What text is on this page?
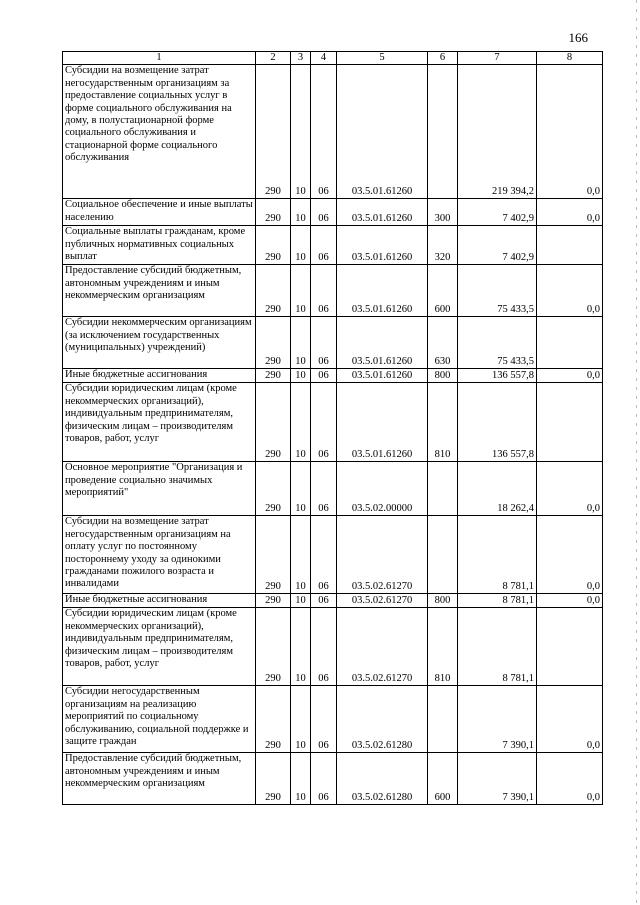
166
1	2	3	4	5	6	7	8
Субсидии на возмещение затрат негосударственным организациям за предоставление социальных услуг в форме социального обслуживания на дому, в полустационарной форме социального обслуживания и стационарной форме социального обслуживания	290	10	06	03.5.01.61260		219 394,2	0,0
Социальное обеспечение и иные выплаты населению	290	10	06	03.5.01.61260	300	7 402,9	0,0
Социальные выплаты гражданам, кроме публичных нормативных социальных выплат	290	10	06	03.5.01.61260	320	7 402,9	
Предоставление субсидий бюджетным, автономным учреждениям и иным некоммерческим организациям	290	10	06	03.5.01.61260	600	75 433,5	0,0
Субсидии некоммерческим организациям (за исключением государственных (муниципальных) учреждений)	290	10	06	03.5.01.61260	630	75 433,5	
Иные бюджетные ассигнования	290	10	06	03.5.01.61260	800	136 557,8	0,0
Субсидии юридическим лицам (кроме некоммерческих организаций), индивидуальным предпринимателям, физическим лицам – производителям товаров, работ, услуг	290	10	06	03.5.01.61260	810	136 557,8	
Основное мероприятие "Организация и проведение социально значимых мероприятий"	290	10	06	03.5.02.00000		18 262,4	0,0
Субсидии на возмещение затрат негосударственным организациям на оплату услуг по постоянному постороннему уходу за одинокими гражданами пожилого возраста и инвалидами	290	10	06	03.5.02.61270		8 781,1	0,0
Иные бюджетные ассигнования	290	10	06	03.5.02.61270	800	8 781,1	0,0
Субсидии юридическим лицам (кроме некоммерческих организаций), индивидуальным предпринимателям, физическим лицам – производителям товаров, работ, услуг	290	10	06	03.5.02.61270	810	8 781,1	
Субсидии негосударственным организациям на реализацию мероприятий по социальному обслуживанию, социальной поддержке и защите граждан	290	10	06	03.5.02.61280		7 390,1	0,0
Предоставление субсидий бюджетным, автономным учреждениям и иным некоммерческим организациям	290	10	06	03.5.02.61280	600	7 390,1	0,0
